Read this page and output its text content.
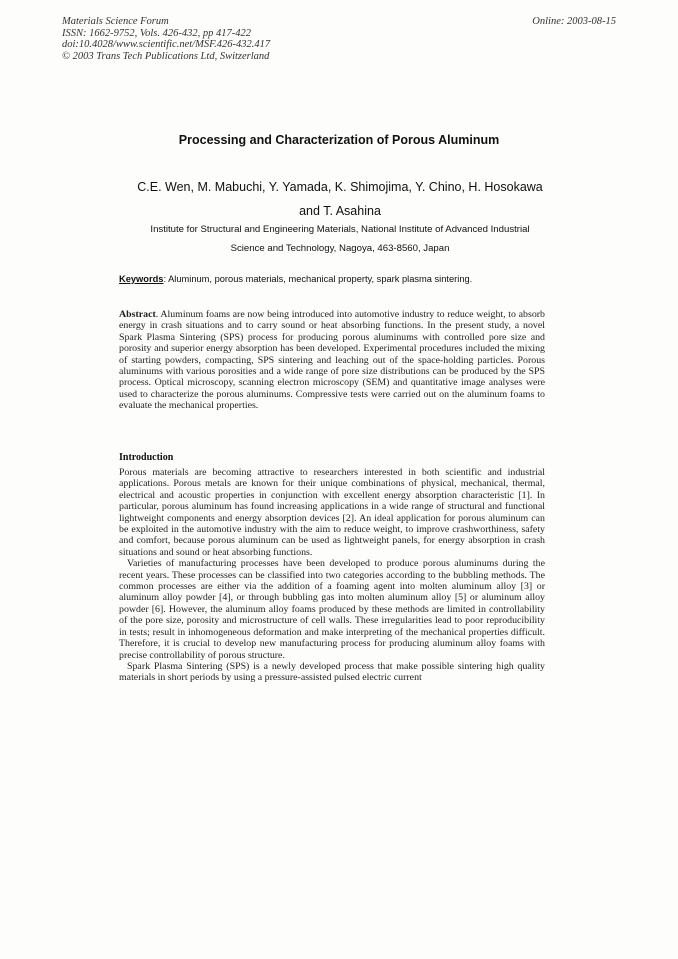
Materials Science Forum
ISSN: 1662-9752, Vols. 426-432, pp 417-422
doi:10.4028/www.scientific.net/MSF.426-432.417
© 2003 Trans Tech Publications Ltd, Switzerland
Online: 2003-08-15
Processing and Characterization of Porous Aluminum
C.E. Wen, M. Mabuchi, Y. Yamada, K. Shimojima, Y. Chino, H. Hosokawa
and T. Asahina
Institute for Structural and Engineering Materials, National Institute of Advanced Industrial
Science and Technology, Nagoya, 463-8560, Japan
Keywords: Aluminum, porous materials, mechanical property, spark plasma sintering.
Abstract. Aluminum foams are now being introduced into automotive industry to reduce weight, to absorb energy in crash situations and to carry sound or heat absorbing functions. In the present study, a novel Spark Plasma Sintering (SPS) process for producing porous aluminums with controlled pore size and porosity and superior energy absorption has been developed. Experimental procedures included the mixing of starting powders, compacting, SPS sintering and leaching out of the space-holding particles. Porous aluminums with various porosities and a wide range of pore size distributions can be produced by the SPS process. Optical microscopy, scanning electron microscopy (SEM) and quantitative image analyses were used to characterize the porous aluminums. Compressive tests were carried out on the aluminum foams to evaluate the mechanical properties.
Introduction

Porous materials are becoming attractive to researchers interested in both scientific and industrial applications. Porous metals are known for their unique combinations of physical, mechanical, thermal, electrical and acoustic properties in conjunction with excellent energy absorption characteristic [1]. In particular, porous aluminum has found increasing applications in a wide range of structural and functional lightweight components and energy absorption devices [2]. An ideal application for porous aluminum can be exploited in the automotive industry with the aim to reduce weight, to improve crashworthiness, safety and comfort, because porous aluminum can be used as lightweight panels, for energy absorption in crash situations and sound or heat absorbing functions.

Varieties of manufacturing processes have been developed to produce porous aluminums during the recent years. These processes can be classified into two categories according to the bubbling methods. The common processes are either via the addition of a foaming agent into molten aluminum alloy [3] or aluminum alloy powder [4], or through bubbling gas into molten aluminum alloy [5] or aluminum alloy powder [6]. However, the aluminum alloy foams produced by these methods are limited in controllability of the pore size, porosity and microstructure of cell walls. These irregularities lead to poor reproducibility in tests; result in inhomogeneous deformation and make interpreting of the mechanical properties difficult. Therefore, it is crucial to develop new manufacturing process for producing aluminum alloy foams with precise controllability of porous structure.

Spark Plasma Sintering (SPS) is a newly developed process that make possible sintering high quality materials in short periods by using a pressure-assisted pulsed electric current
